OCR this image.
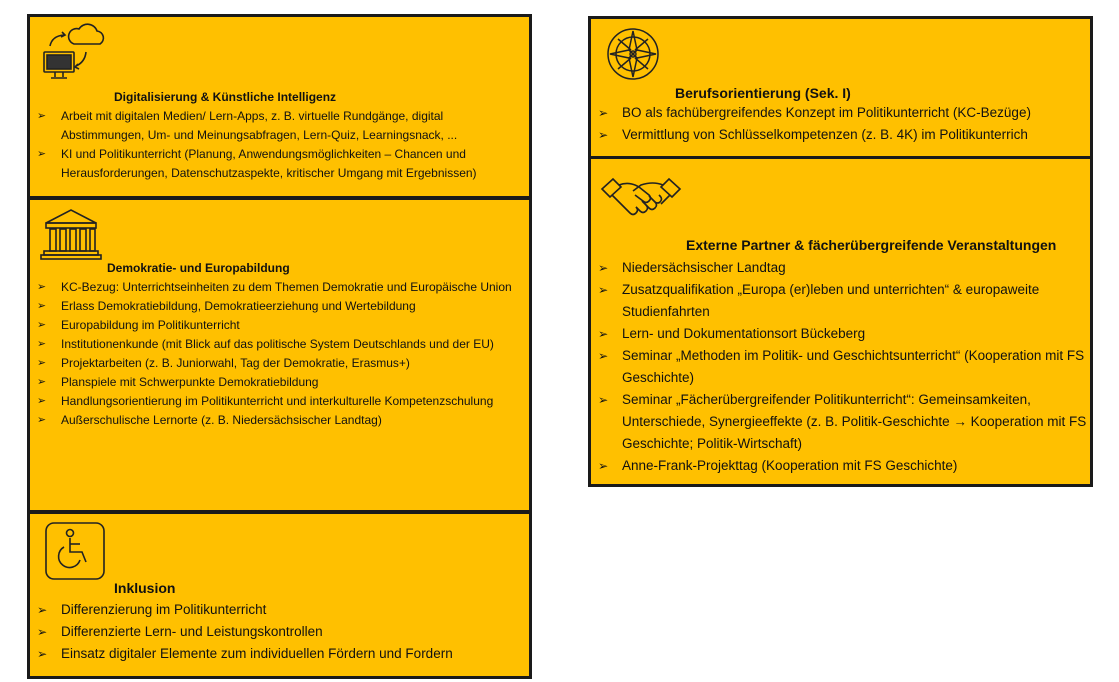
Digitalisierung & Künstliche Intelligenz
➢ Arbeit mit digitalen Medien/ Lern-Apps, z. B. virtuelle Rundgänge, digital Abstimmungen, Um- und Meinungsabfragen, Lern-Quiz, Learningsnack, ...
➢ KI und Politikunterricht (Planung, Anwendungsmöglichkeiten – Chancen und Herausforderungen, Datenschutzaspekte, kritischer Umgang mit Ergebnissen)
Demokratie- und Europabildung
➢ KC-Bezug: Unterrichtseinheiten zu dem Themen Demokratie und Europäische Union
➢ Erlass Demokratiebildung, Demokratieerziehung und Wertebildung
➢ Europabildung im Politikunterricht
➢ Institutionenkunde (mit Blick auf das politische System Deutschlands und der EU)
➢ Projektarbeiten (z. B. Juniorwahl, Tag der Demokratie, Erasmus+)
➢ Planspiele mit Schwerpunkte Demokratiebildung
➢ Handlungsorientierung im Politikunterricht und interkulturelle Kompetenzschulung
➢ Außerschulische Lernorte (z. B. Niedersächsischer Landtag)
Inklusion
➢ Differenzierung im Politikunterricht
➢ Differenzierte Lern- und Leistungskontrollen
➢ Einsatz digitaler Elemente zum individuellen Fördern und Fordern
Berufsorientierung (Sek. I)
➢ BO als fachübergreifendes Konzept im Politikunterricht (KC-Bezüge)
➢ Vermittlung von Schlüsselkompetenzen (z. B. 4K) im Politikunterrich
Externe Partner & fächerübergreifende Veranstaltungen
➢ Niedersächsischer Landtag
➢ Zusatzqualifikation „Europa (er)leben und unterrichten“ & europaweite Studienfahrten
➢ Lern- und Dokumentationsort Bückeberg
➢ Seminar „Methoden im Politik- und Geschichtsunterricht“ (Kooperation mit FS Geschichte)
➢ Seminar „Fächerübergreifender Politikunterricht“: Gemeinsamkeiten, Unterschiede, Synergieeffekte (z. B. Politik-Geschichte → Kooperation mit FS Geschichte; Politik-Wirtschaft)
➢ Anne-Frank-Projekttag (Kooperation mit FS Geschichte)
